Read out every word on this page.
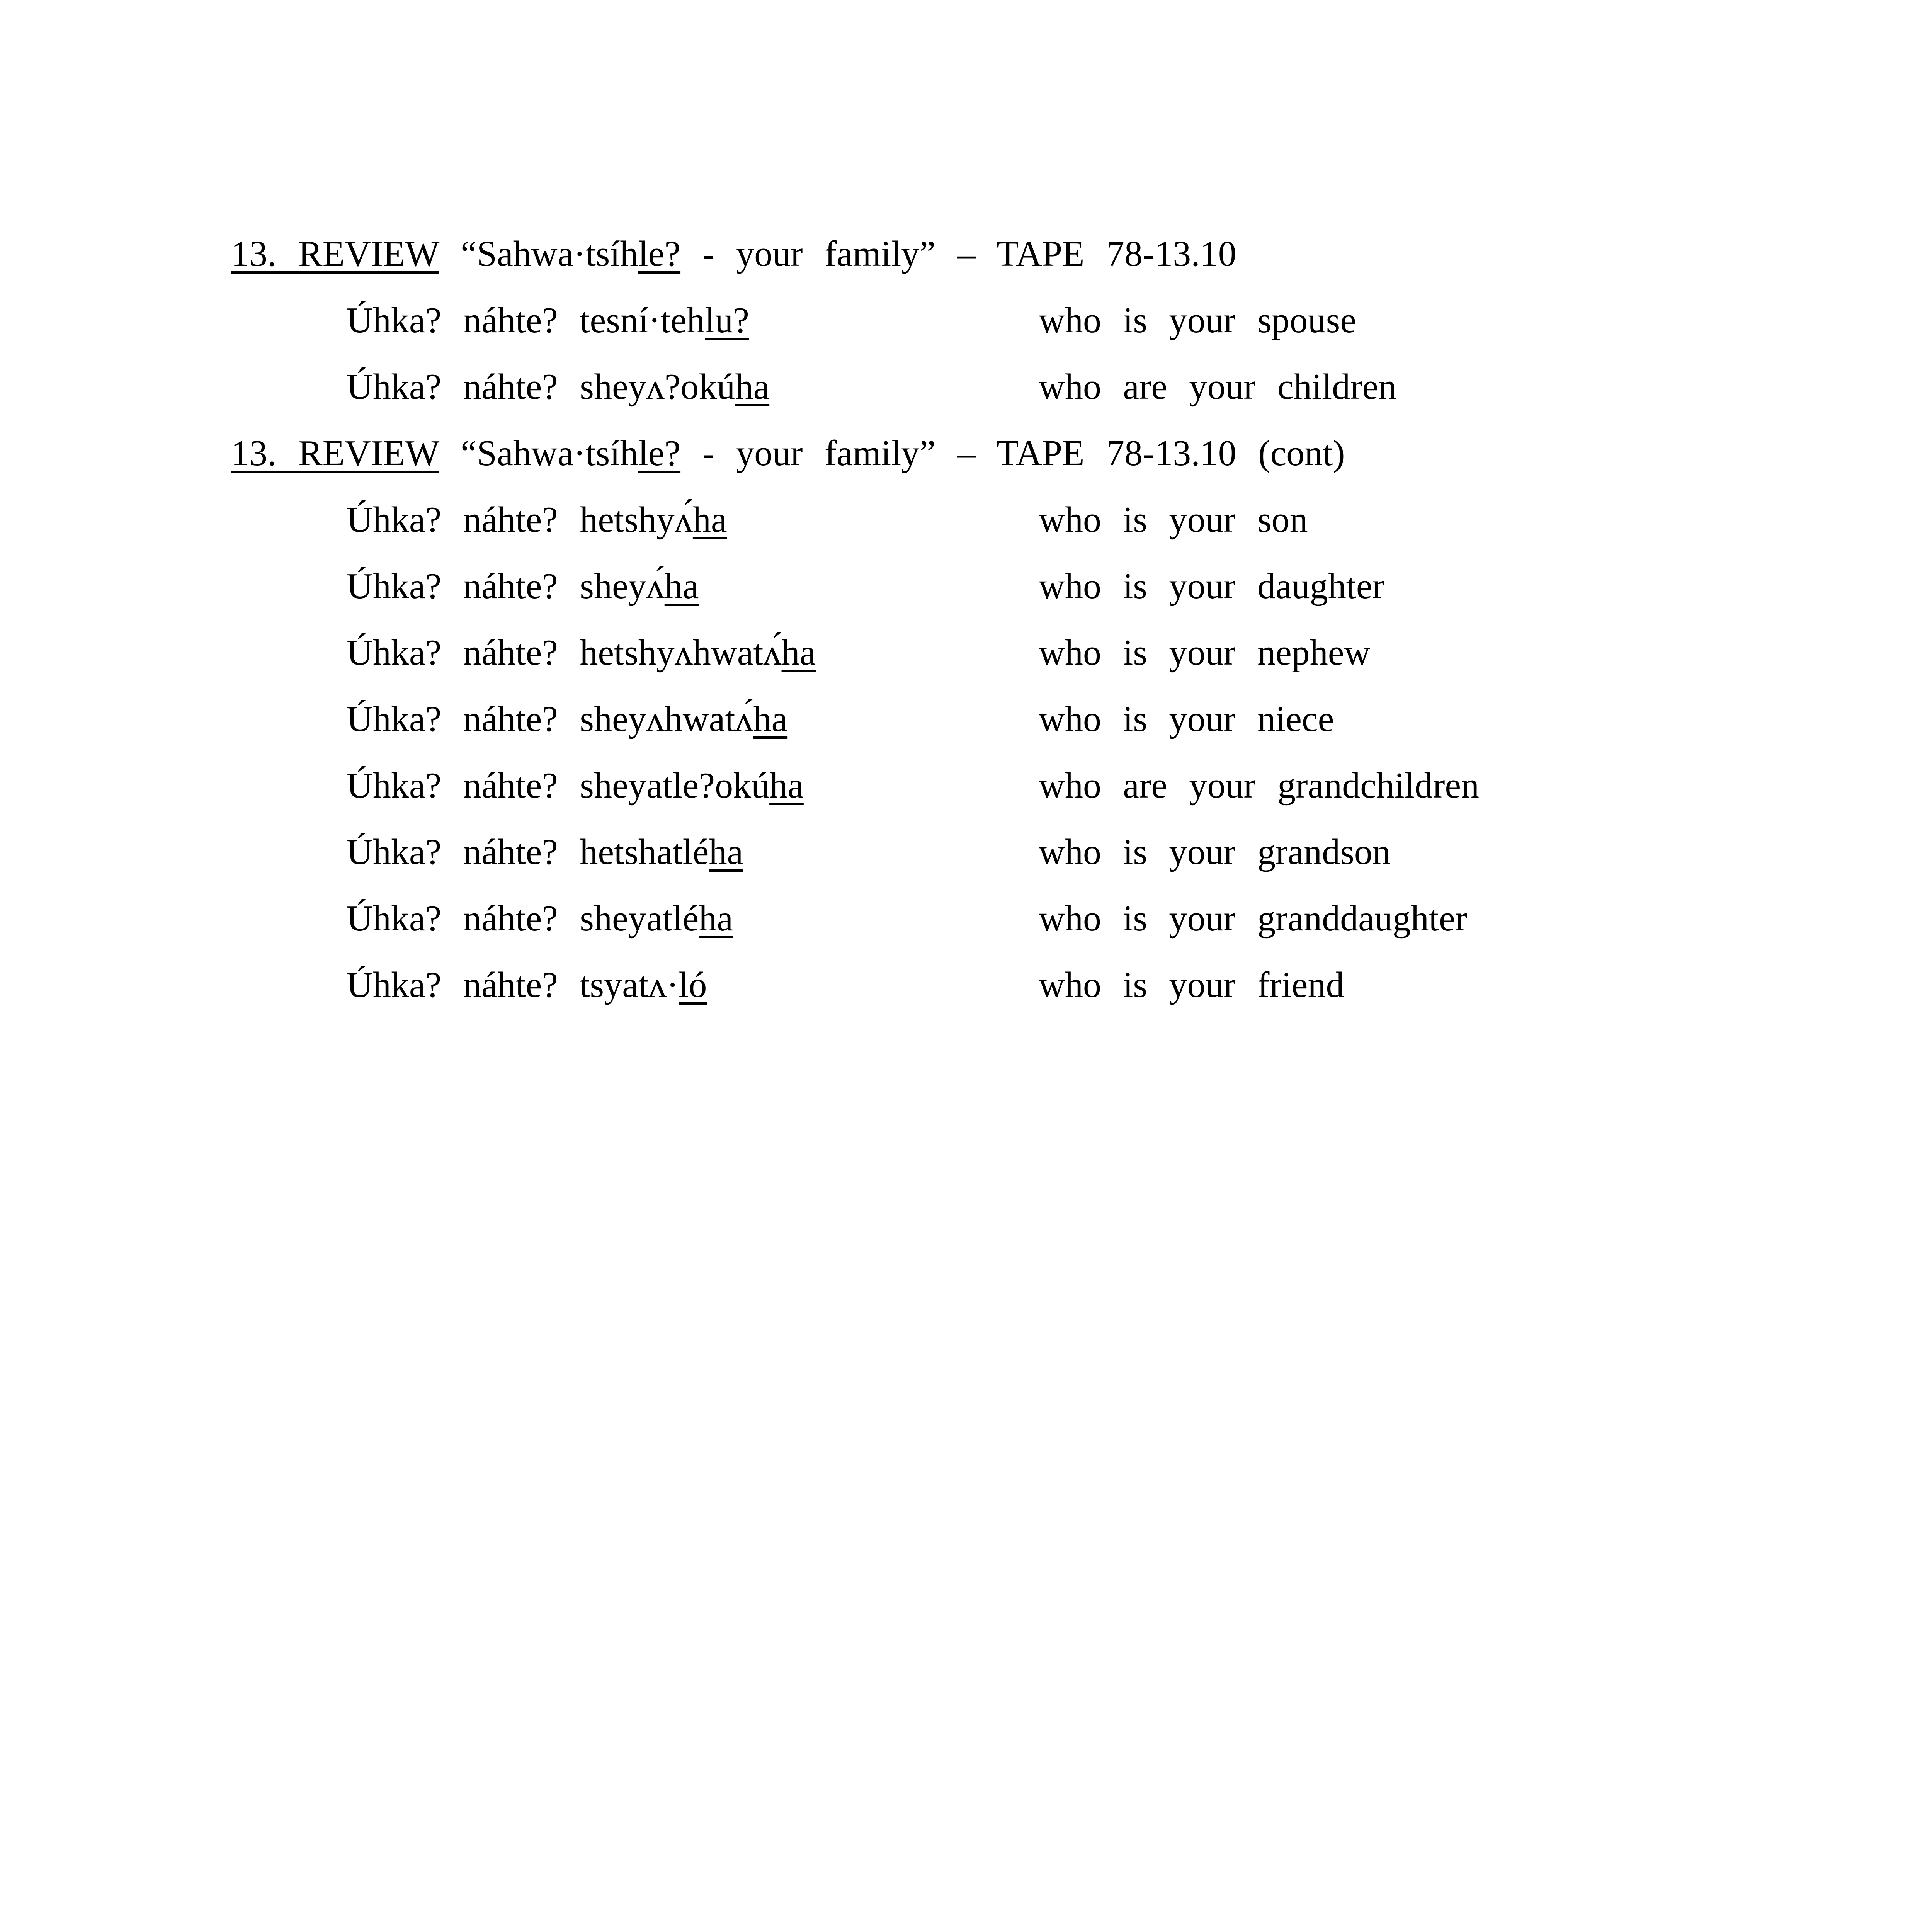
13. REVIEW “Sahwa·tsíhle? - your family” – TAPE 78-13.10
Úhka? náhte? tesní·tehlu?	who is your spouse
Úhka? náhte? sheyʌ?okúha	who are your children
13. REVIEW “Sahwa·tsíhle? - your family” – TAPE 78-13.10 (cont)
Úhka? náhte? hetshyʌ́ha	who is your son
Úhka? náhte? sheyʌ́ha	who is your daughter
Úhka? náhte? hetshyʌhwatʌ́ha	who is your nephew
Úhka? náhte? sheyʌhwatʌ́ha	who is your niece
Úhka? náhte? sheyatle?okúha	who are your grandchildren
Úhka? náhte? hetshatléha	who is your grandson
Úhka? náhte? sheyatléha	who is your granddaughter
Úhka? náhte? tsyatʌ·ló	who is your friend
